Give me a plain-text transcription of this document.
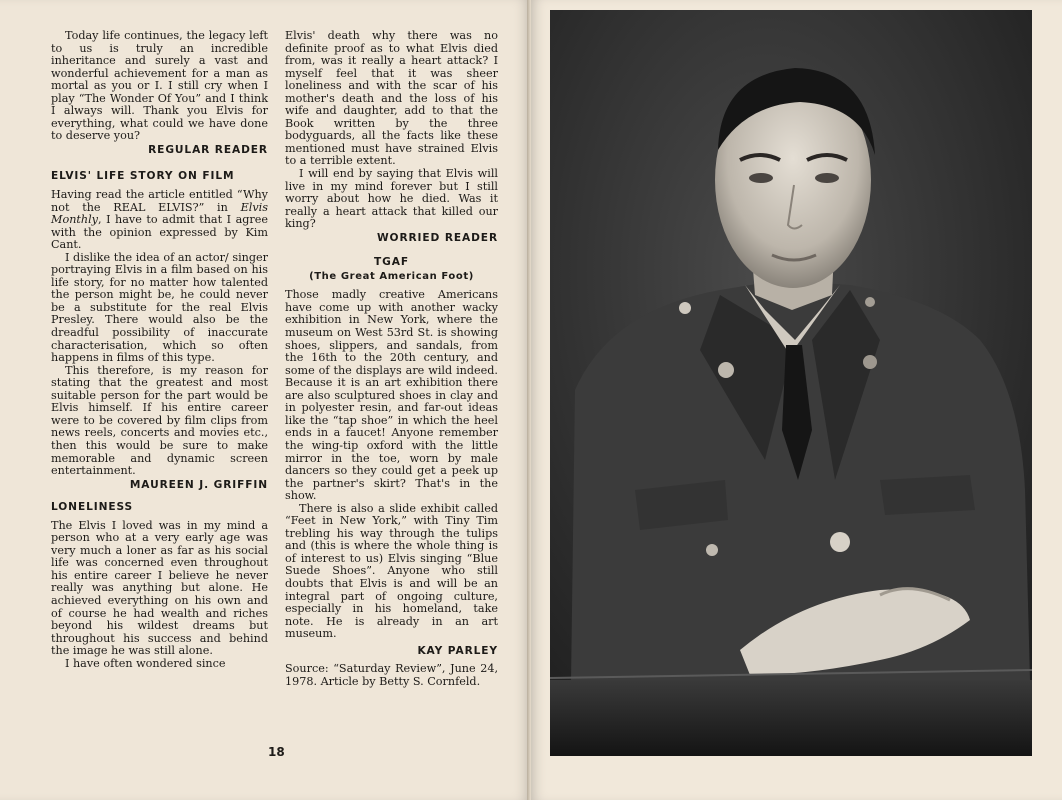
Today life continues, the legacy left to us is truly an incredible inheritance and surely a vast and wonderful achievement for a man as mortal as you or I. I still cry when I play “The Wonder Of You” and I think I always will. Thank you Elvis for everything, what could we have done to deserve you?

REGULAR READER
ELVIS' LIFE STORY ON FILM

Having read the article entitled “Why not the REAL ELVIS?” in Elvis Monthly, I have to admit that I agree with the opinion expressed by Kim Cant.

I dislike the idea of an actor/ singer portraying Elvis in a film based on his life story, for no matter how talented the person might be, he could never be a substitute for the real Elvis Presley. There would also be the dreadful possibility of inaccurate characterisation, which so often happens in films of this type.

This therefore, is my reason for stating that the greatest and most suitable person for the part would be Elvis himself. If his entire career were to be covered by film clips from news reels, concerts and movies etc., then this would be sure to make memorable and dynamic screen entertainment.

MAUREEN J. GRIFFIN
LONELINESS

The Elvis I loved was in my mind a person who at a very early age was very much a loner as far as his social life was concerned even throughout his entire career I believe he never really was anything but alone. He achieved everything on his own and of course he had wealth and riches beyond his wildest dreams but throughout his success and behind the image he was still alone.

I have often wondered since

Elvis' death why there was no definite proof as to what Elvis died from, was it really a heart attack? I myself feel that it was sheer loneliness and with the scar of his mother's death and the loss of his wife and daughter, add to that the Book written by the three bodyguards, all the facts like these mentioned must have strained Elvis to a terrible extent.

I will end by saying that Elvis will live in my mind forever but I still worry about how he died. Was it really a heart attack that killed our king?

WORRIED READER
TGAF
(The Great American Foot)

Those madly creative Americans have come up with another wacky exhibition in New York, where the museum on West 53rd St. is showing shoes, slippers, and sandals, from the 16th to the 20th century, and some of the displays are wild indeed. Because it is an art exhibition there are also sculptured shoes in clay and in polyester resin, and far-out ideas like the “tap shoe” in which the heel ends in a faucet! Anyone remember the wing-tip oxford with the little mirror in the toe, worn by male dancers so they could get a peek up the partner's skirt? That's in the show.

There is also a slide exhibit called “Feet in New York,” with Tiny Tim trebling his way through the tulips and (this is where the whole thing is of interest to us) Elvis singing “Blue Suede Shoes”. Anyone who still doubts that Elvis is and will be an integral part of ongoing culture, especially in his homeland, take note. He is already in an art museum.

KAY PARLEY

Source: “Saturday Review”, June 24, 1978. Article by Betty S. Cornfeld.

18
